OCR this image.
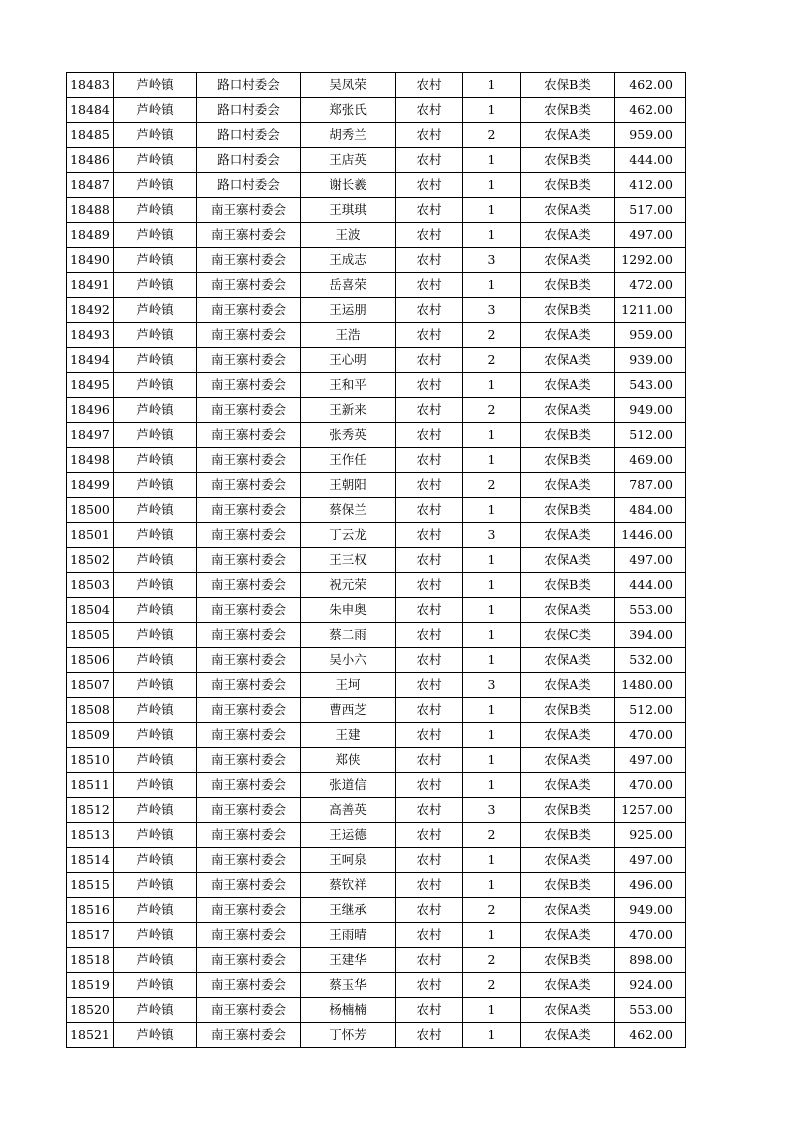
18483	芦岭镇	路口村委会	吴凤荣	农村	1	农保B类	462.00
18484	芦岭镇	路口村委会	郑张氏	农村	1	农保B类	462.00
18485	芦岭镇	路口村委会	胡秀兰	农村	2	农保A类	959.00
18486	芦岭镇	路口村委会	王店英	农村	1	农保B类	444.00
18487	芦岭镇	路口村委会	谢长羲	农村	1	农保B类	412.00
18488	芦岭镇	南王寨村委会	王琪琪	农村	1	农保A类	517.00
18489	芦岭镇	南王寨村委会	王波	农村	1	农保A类	497.00
18490	芦岭镇	南王寨村委会	王成志	农村	3	农保A类	1292.00
18491	芦岭镇	南王寨村委会	岳喜荣	农村	1	农保B类	472.00
18492	芦岭镇	南王寨村委会	王运朋	农村	3	农保B类	1211.00
18493	芦岭镇	南王寨村委会	王浩	农村	2	农保A类	959.00
18494	芦岭镇	南王寨村委会	王心明	农村	2	农保A类	939.00
18495	芦岭镇	南王寨村委会	王和平	农村	1	农保A类	543.00
18496	芦岭镇	南王寨村委会	王新来	农村	2	农保A类	949.00
18497	芦岭镇	南王寨村委会	张秀英	农村	1	农保B类	512.00
18498	芦岭镇	南王寨村委会	王作任	农村	1	农保B类	469.00
18499	芦岭镇	南王寨村委会	王朝阳	农村	2	农保A类	787.00
18500	芦岭镇	南王寨村委会	蔡保兰	农村	1	农保B类	484.00
18501	芦岭镇	南王寨村委会	丁云龙	农村	3	农保A类	1446.00
18502	芦岭镇	南王寨村委会	王三权	农村	1	农保A类	497.00
18503	芦岭镇	南王寨村委会	祝元荣	农村	1	农保B类	444.00
18504	芦岭镇	南王寨村委会	朱申奥	农村	1	农保A类	553.00
18505	芦岭镇	南王寨村委会	蔡二雨	农村	1	农保C类	394.00
18506	芦岭镇	南王寨村委会	吴小六	农村	1	农保A类	532.00
18507	芦岭镇	南王寨村委会	王坷	农村	3	农保A类	1480.00
18508	芦岭镇	南王寨村委会	曹西芝	农村	1	农保B类	512.00
18509	芦岭镇	南王寨村委会	王建	农村	1	农保A类	470.00
18510	芦岭镇	南王寨村委会	郑侠	农村	1	农保A类	497.00
18511	芦岭镇	南王寨村委会	张道信	农村	1	农保A类	470.00
18512	芦岭镇	南王寨村委会	高善英	农村	3	农保B类	1257.00
18513	芦岭镇	南王寨村委会	王运德	农村	2	农保B类	925.00
18514	芦岭镇	南王寨村委会	王呵泉	农村	1	农保A类	497.00
18515	芦岭镇	南王寨村委会	蔡钦祥	农村	1	农保B类	496.00
18516	芦岭镇	南王寨村委会	王继承	农村	2	农保A类	949.00
18517	芦岭镇	南王寨村委会	王雨晴	农村	1	农保A类	470.00
18518	芦岭镇	南王寨村委会	王建华	农村	2	农保B类	898.00
18519	芦岭镇	南王寨村委会	蔡玉华	农村	2	农保A类	924.00
18520	芦岭镇	南王寨村委会	杨楠楠	农村	1	农保A类	553.00
18521	芦岭镇	南王寨村委会	丁怀芳	农村	1	农保A类	462.00
